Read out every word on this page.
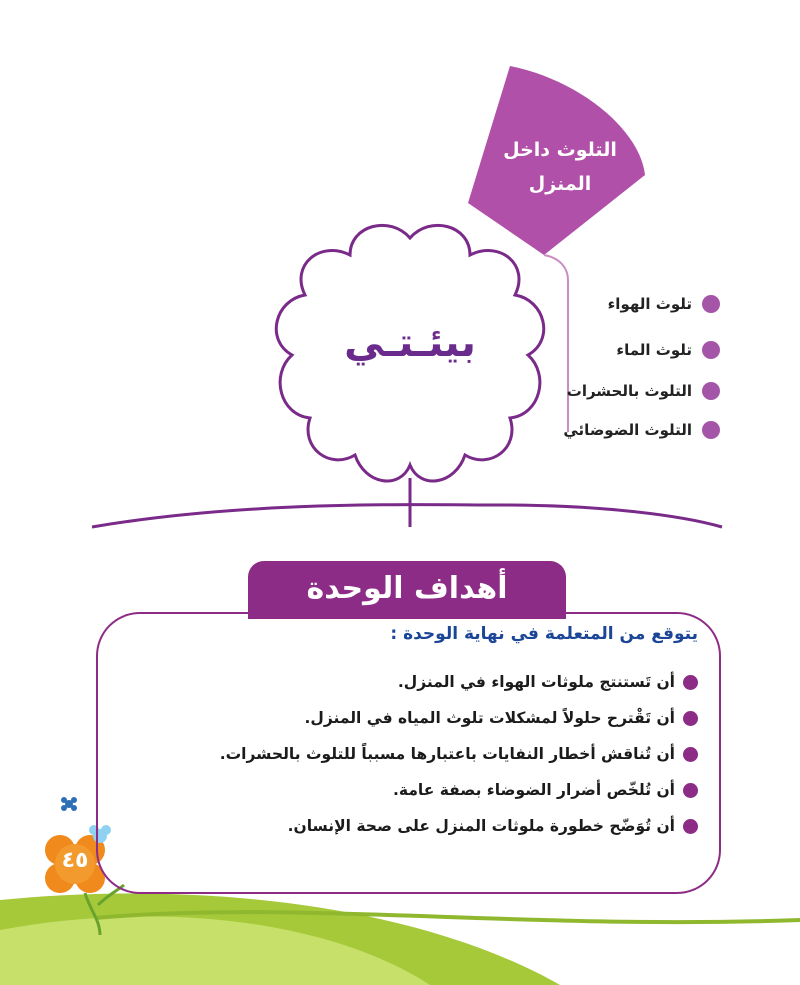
التلوث داخل
المنزل
بيئـتـي
تلوث الهواء
تلوث الماء
التلوث بالحشرات
التلوث الضوضائي
أهداف الوحدة
يتوقع من المتعلمة في نهاية الوحدة :
أن تَستنتج ملوثات الهواء في المنزل.
أن تَقْترح حلولاً لمشكلات تلوث المياه في المنزل.
أن تُناقش أخطار النفايات باعتبارها مسبباً للتلوث بالحشرات.
أن تُلخّص أضرار الضوضاء بصفة عامة.
أن تُوَضّح خطورة ملوثات المنزل على صحة الإنسان.
٤٥
